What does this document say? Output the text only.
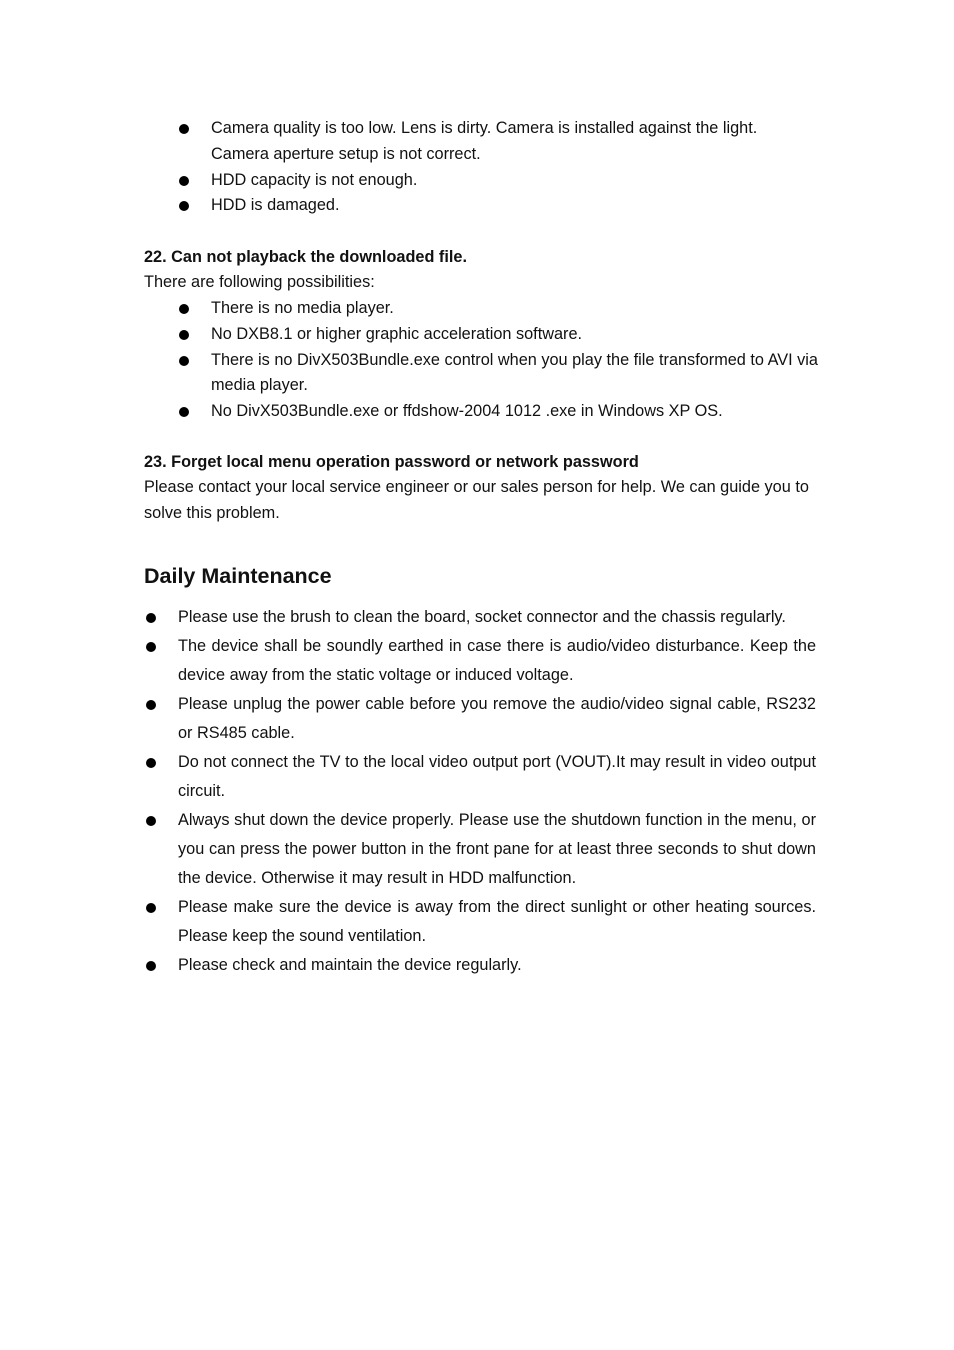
Camera quality is too low. Lens is dirty. Camera is installed against the light. Camera aperture setup is not correct.
HDD capacity is not enough.
HDD is damaged.
22. Can not playback the downloaded file.
There are following possibilities:
There is no media player.
No DXB8.1 or higher graphic acceleration software.
There is no DivX503Bundle.exe control when you play the file transformed to AVI via media player.
No DivX503Bundle.exe or ffdshow-2004 1012 .exe in Windows XP OS.
23. Forget local menu operation password or network password
Please contact your local service engineer or our sales person for help. We can guide you to solve this problem.
Daily Maintenance
Please use the brush to clean the board, socket connector and the chassis regularly.
The device shall be soundly earthed in case there is audio/video disturbance. Keep the device away from the static voltage or induced voltage.
Please unplug the power cable before you remove the audio/video signal cable, RS232 or RS485 cable.
Do not connect the TV to the local video output port (VOUT).It may result in video output circuit.
Always shut down the device properly. Please use the shutdown function in the menu, or you can press the power button in the front pane for at least three seconds to shut down the device. Otherwise it may result in HDD malfunction.
Please make sure the device is away from the direct sunlight or other heating sources. Please keep the sound ventilation.
Please check and maintain the device regularly.
